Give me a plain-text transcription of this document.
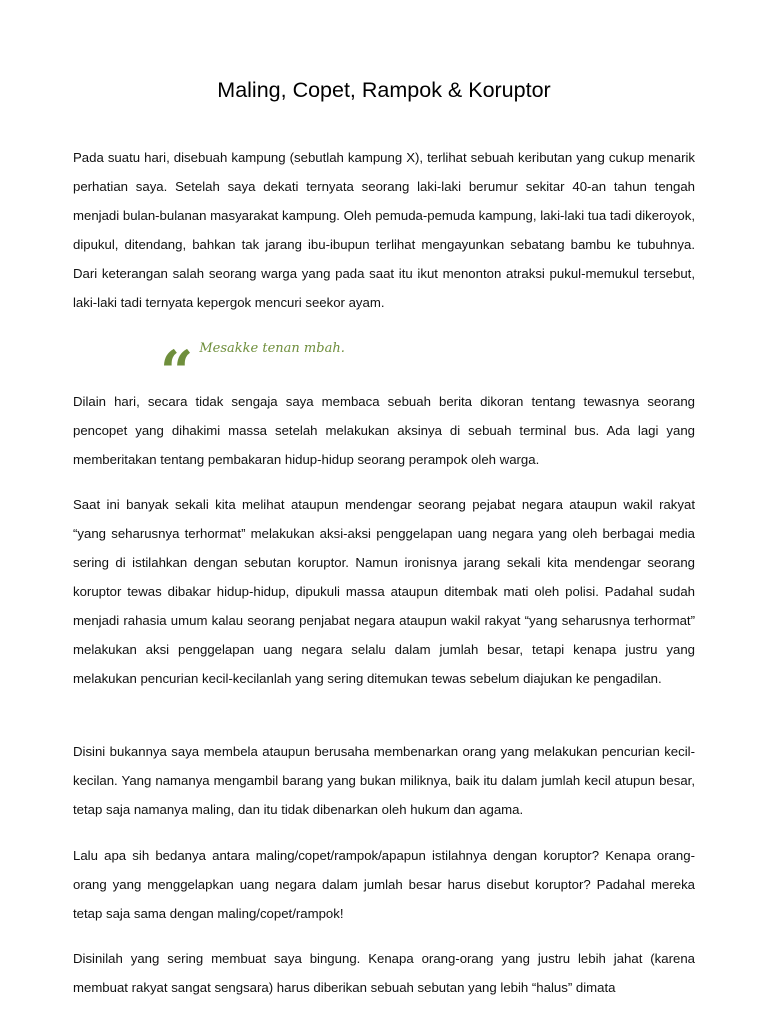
Maling, Copet, Rampok & Koruptor

Pada suatu hari, disebuah kampung (sebutlah kampung X), terlihat sebuah keributan yang cukup menarik perhatian saya. Setelah saya dekati ternyata seorang laki-laki berumur sekitar 40-an tahun tengah menjadi bulan-bulanan masyarakat kampung. Oleh pemuda-pemuda kampung, laki-laki tua tadi dikeroyok, dipukul, ditendang, bahkan tak jarang ibu-ibupun terlihat mengayunkan sebatang bambu ke tubuhnya. Dari keterangan salah seorang warga yang pada saat itu ikut menonton atraksi pukul-memukul tersebut, laki-laki tadi ternyata kepergok mencuri seekor ayam.

“ Mesakke tenan mbah.

Dilain hari, secara tidak sengaja saya membaca sebuah berita dikoran tentang tewasnya seorang pencopet yang dihakimi massa setelah melakukan aksinya di sebuah terminal bus. Ada lagi yang memberitakan tentang pembakaran hidup-hidup seorang perampok oleh warga.

Saat ini banyak sekali kita melihat ataupun mendengar seorang pejabat negara ataupun wakil rakyat “yang seharusnya terhormat” melakukan aksi-aksi penggelapan uang negara yang oleh berbagai media sering di istilahkan dengan sebutan koruptor. Namun ironisnya jarang sekali kita mendengar seorang koruptor tewas dibakar hidup-hidup, dipukuli massa ataupun ditembak mati oleh polisi. Padahal sudah menjadi rahasia umum kalau seorang penjabat negara ataupun wakil rakyat “yang seharusnya terhormat” melakukan aksi penggelapan uang negara selalu dalam jumlah besar, tetapi kenapa justru yang melakukan pencurian kecil-kecilanlah yang sering ditemukan tewas sebelum diajukan ke pengadilan.

Disini bukannya saya membela ataupun berusaha membenarkan orang yang melakukan pencurian kecil-kecilan. Yang namanya mengambil barang yang bukan miliknya, baik itu dalam jumlah kecil atupun besar, tetap saja namanya maling, dan itu tidak dibenarkan oleh hukum dan agama.

Lalu apa sih bedanya antara maling/copet/rampok/apapun istilahnya dengan koruptor? Kenapa orang-orang yang menggelapkan uang negara dalam jumlah besar harus disebut koruptor? Padahal mereka tetap saja sama dengan maling/copet/rampok!

Disinilah yang sering membuat saya bingung. Kenapa orang-orang yang justru lebih jahat (karena membuat rakyat sangat sengsara) harus diberikan sebuah sebutan yang lebih “halus” dimata
